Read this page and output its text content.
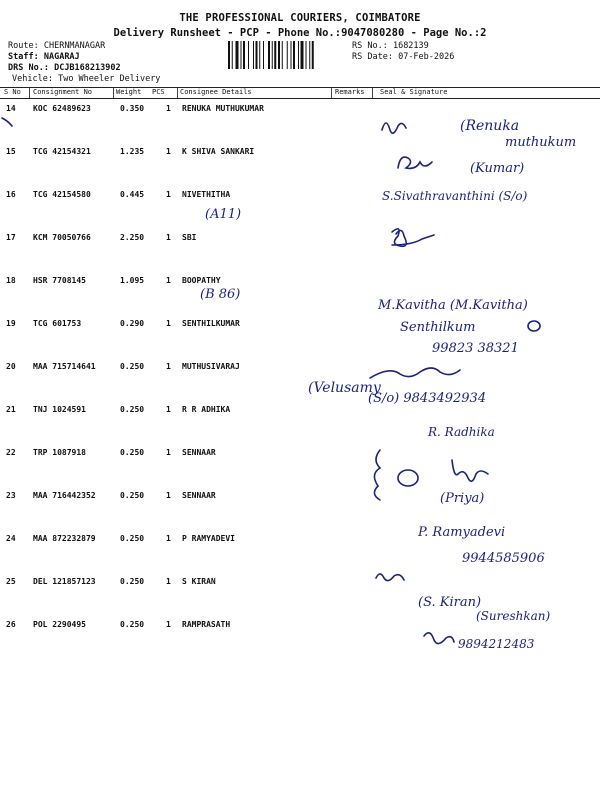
THE PROFESSIONAL COURIERS, COIMBATORE
Delivery Runsheet - PCP - Phone No.:9047080280 - Page No.:2
Route: CHERNMANAGAR
Staff: NAGARAJ
DRS No.: DCJB168213902
Vehicle: Two Wheeler Delivery
RS No.: 1682139
RS Date: 07-Feb-2026
S No Consignment No	Weight PCS Consignee Details	Remarks Seal & Signature
14 KOC 62489623	0.350	1 RENUKA MUTHUKUMAR
15 TCG 42154321	1.235	1 K SHIVA SANKARI
16 TCG 42154580	0.445	1 NIVETHITHA
17 KCM 70050766	2.250	1 SBI
18 HSR 7708145	1.095	1 BOOPATHY
19 TCG 601753	0.290	1 SENTHILKUMAR
20 MAA 715714641	0.250	1 MUTHUSIVARAJ
21 TNJ 1024591	0.250	1 R R ADHIKA
22 TRP 1087918	0.250	1 SENNAAR
23 MAA 716442352	0.250	1 SENNAAR
24 MAA 872232879	0.250	1 P RAMYADEVI
25 DEL 121857123	0.250	1 S KIRAN
26 POL 2290495	0.250	1 RAMPRASATH
(Renuka
muthukum
(Kumar)
S.Sivathravanthini (S/o)
(A11)
(B 86)
M.Kavitha (M.Kavitha)
Senthilkum
99823 38321
(Velusamy
(S/o) 9843492934
R. Radhika
(Priya)
P. Ramyadevi
9944585906
(S. Kiran)
(Sureshkan)
9894212483
